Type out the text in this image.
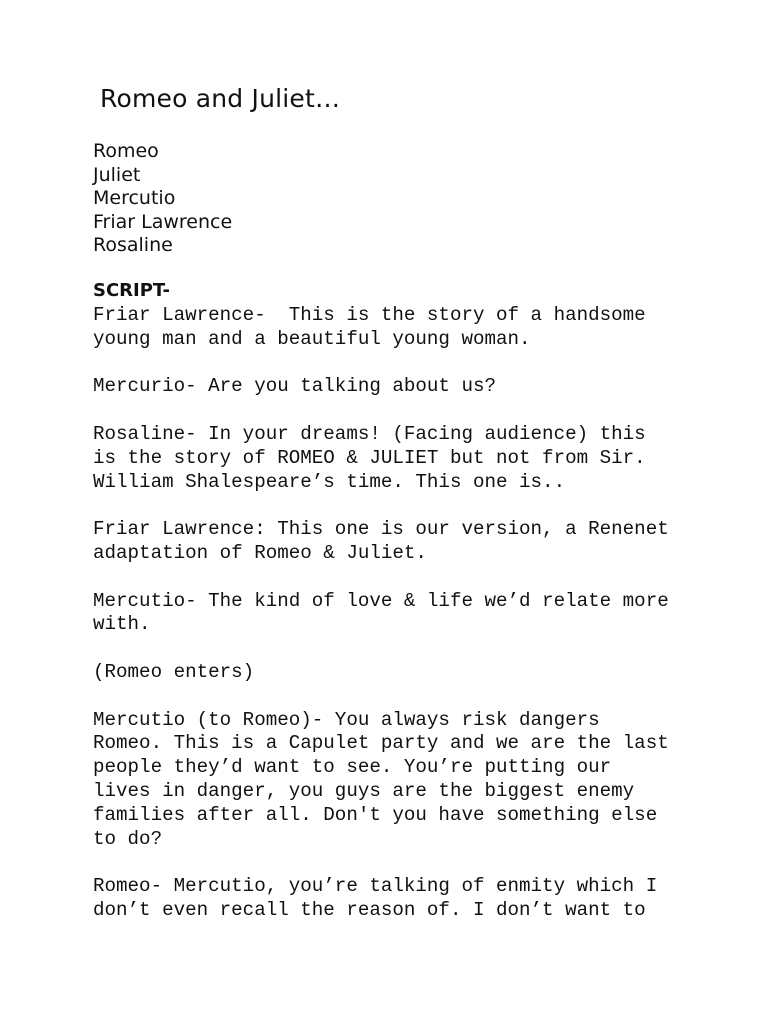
Romeo and Juliet…
Romeo
Juliet
Mercutio
Friar Lawrence
Rosaline
SCRIPT-

Friar Lawrence-  This is the story of a handsome

young man and a beautiful young woman.

Mercurio- Are you talking about us?

Rosaline- In your dreams! (Facing audience) this

is the story of ROMEO & JULIET but not from Sir.

William Shalespeare’s time. This one is..

Friar Lawrence: This one is our version, a Renenet

adaptation of Romeo & Juliet.

Mercutio- The kind of love & life we’d relate more

with.

(Romeo enters)

Mercutio (to Romeo)- You always risk dangers

Romeo. This is a Capulet party and we are the last

people they’d want to see. You’re putting our

lives in danger, you guys are the biggest enemy

families after all. Don't you have something else

to do?

Romeo- Mercutio, you’re talking of enmity which I

don’t even recall the reason of. I don’t want to
